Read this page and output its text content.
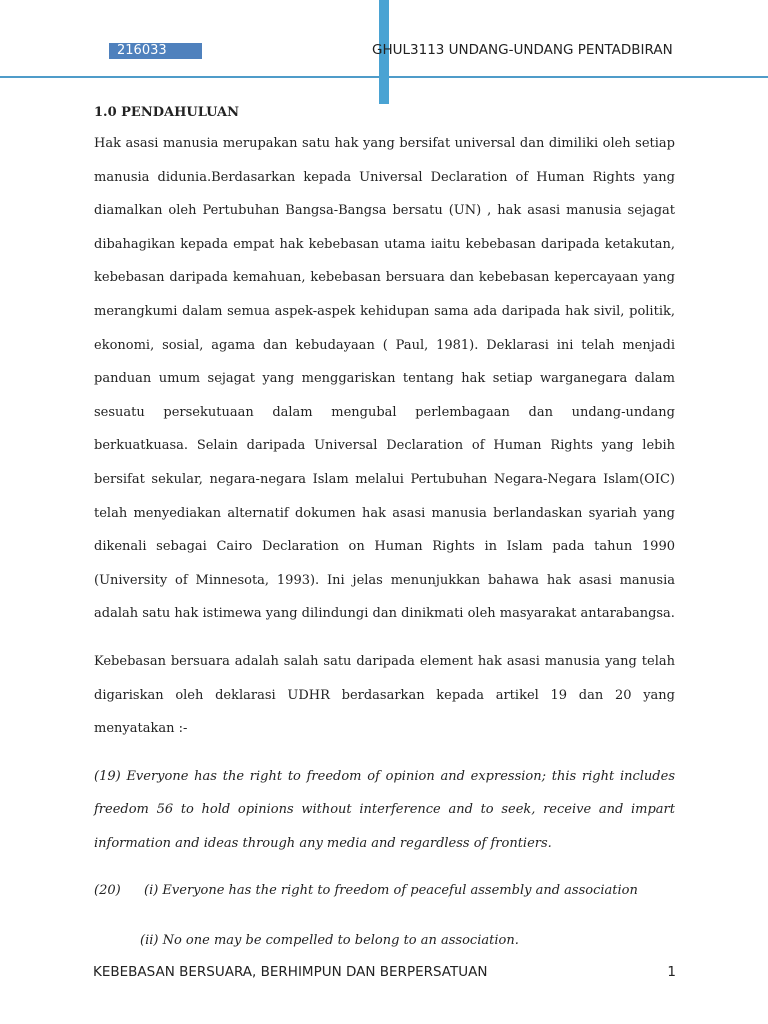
216033	GHUL3113 UNDANG-UNDANG PENTADBIRAN
1.0 PENDAHULUAN

Hak asasi manusia merupakan satu hak yang bersifat universal dan dimiliki oleh setiap manusia didunia.Berdasarkan kepada Universal Declaration of Human Rights yang diamalkan oleh Pertubuhan Bangsa-Bangsa bersatu (UN) , hak asasi manusia sejagat dibahagikan kepada empat hak kebebasan utama iaitu kebebasan daripada ketakutan, kebebasan daripada kemahuan, kebebasan bersuara dan kebebasan kepercayaan yang merangkumi dalam semua aspek-aspek kehidupan sama ada daripada hak sivil, politik, ekonomi, sosial, agama dan kebudayaan ( Paul, 1981). Deklarasi ini telah menjadi panduan umum sejagat yang menggariskan tentang hak setiap warganegara dalam sesuatu persekutuaan dalam mengubal perlembagaan dan undang-undang berkuatkuasa. Selain daripada Universal Declaration of Human Rights yang lebih bersifat sekular, negara-negara Islam melalui Pertubuhan Negara-Negara Islam(OIC) telah menyediakan alternatif dokumen hak asasi manusia berlandaskan syariah yang dikenali sebagai Cairo Declaration on Human Rights in Islam pada tahun 1990 (University of Minnesota, 1993). Ini jelas menunjukkan bahawa hak asasi manusia adalah satu hak istimewa yang dilindungi dan dinikmati oleh masyarakat antarabangsa.

Kebebasan bersuara adalah salah satu daripada element hak asasi manusia yang telah digariskan oleh deklarasi UDHR berdasarkan kepada artikel 19 dan 20 yang menyatakan :-

(19) Everyone has the right to freedom of opinion and expression; this right includes freedom 56 to hold opinions without interference and to seek, receive and impart information and ideas through any media and regardless of frontiers.

(20) (i) Everyone has the right to freedom of peaceful assembly and association
(ii) No one may be compelled to belong to an association.
KEBEBASAN BERSUARA, BERHIMPUN DAN BERPERSATUAN	1
